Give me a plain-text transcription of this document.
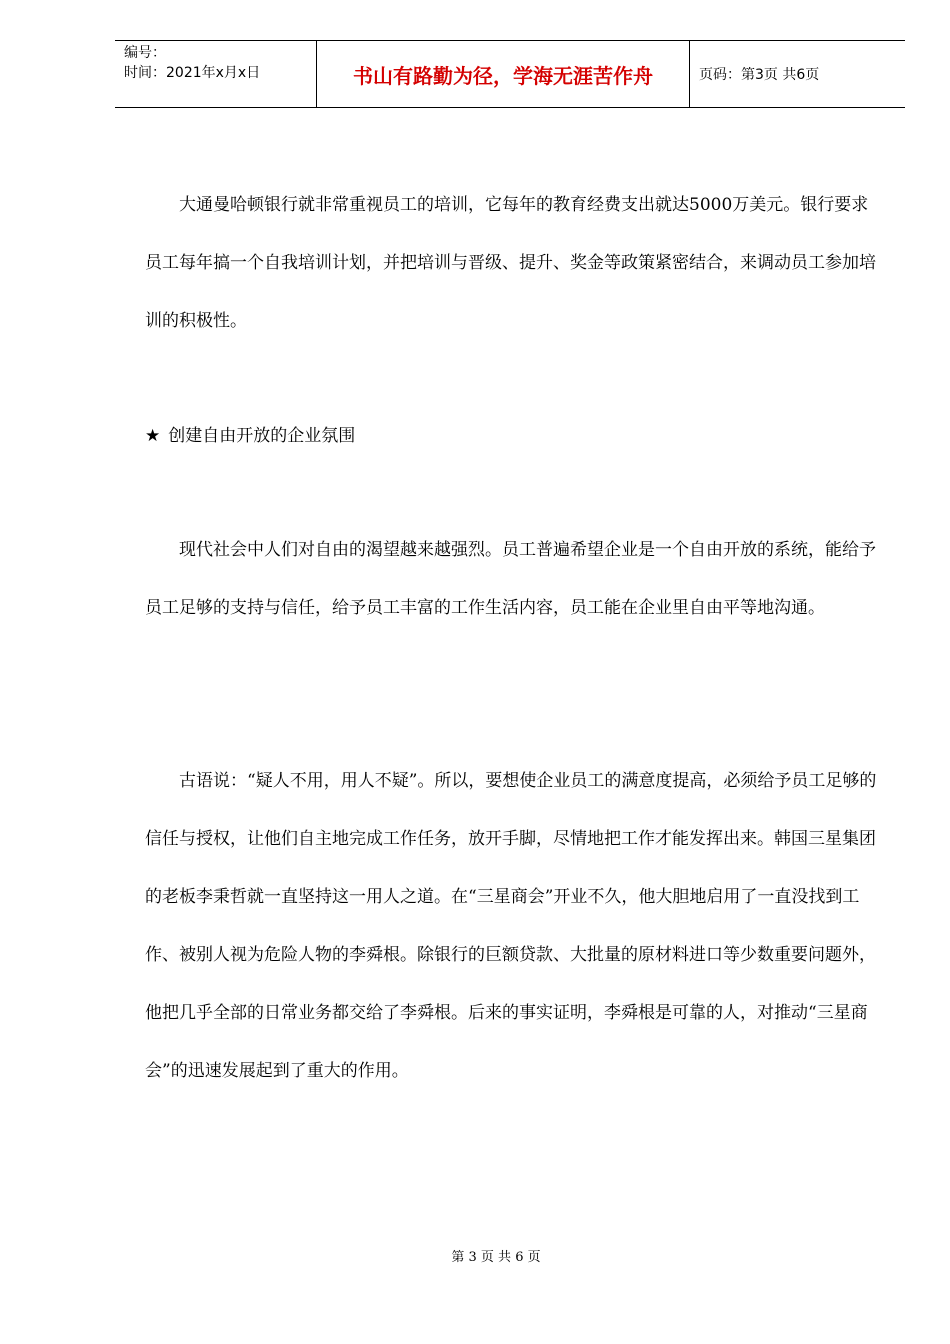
编号：
时间：2021年x月x日	书山有路勤为径，学海无涯苦作舟	页码：第3页 共6页

　　大通曼哈顿银行就非常重视员工的培训，它每年的教育经费支出就达5000万美元。银行要求员工每年搞一个自我培训计划，并把培训与晋级、提升、奖金等政策紧密结合，来调动员工参加培训的积极性。

★ 创建自由开放的企业氛围

　　现代社会中人们对自由的渴望越来越强烈。员工普遍希望企业是一个自由开放的系统，能给予员工足够的支持与信任，给予员工丰富的工作生活内容，员工能在企业里自由平等地沟通。

　　古语说：“疑人不用，用人不疑”。所以，要想使企业员工的满意度提高，必须给予员工足够的信任与授权，让他们自主地完成工作任务，放开手脚，尽情地把工作才能发挥出来。韩国三星集团的老板李秉哲就一直坚持这一用人之道。在“三星商会”开业不久，他大胆地启用了一直没找到工作、被别人视为危险人物的李舜根。除银行的巨额贷款、大批量的原材料进口等少数重要问题外，他把几乎全部的日常业务都交给了李舜根。后来的事实证明，李舜根是可靠的人，对推动“三星商会”的迅速发展起到了重大的作用。

第 3 页 共 6 页
